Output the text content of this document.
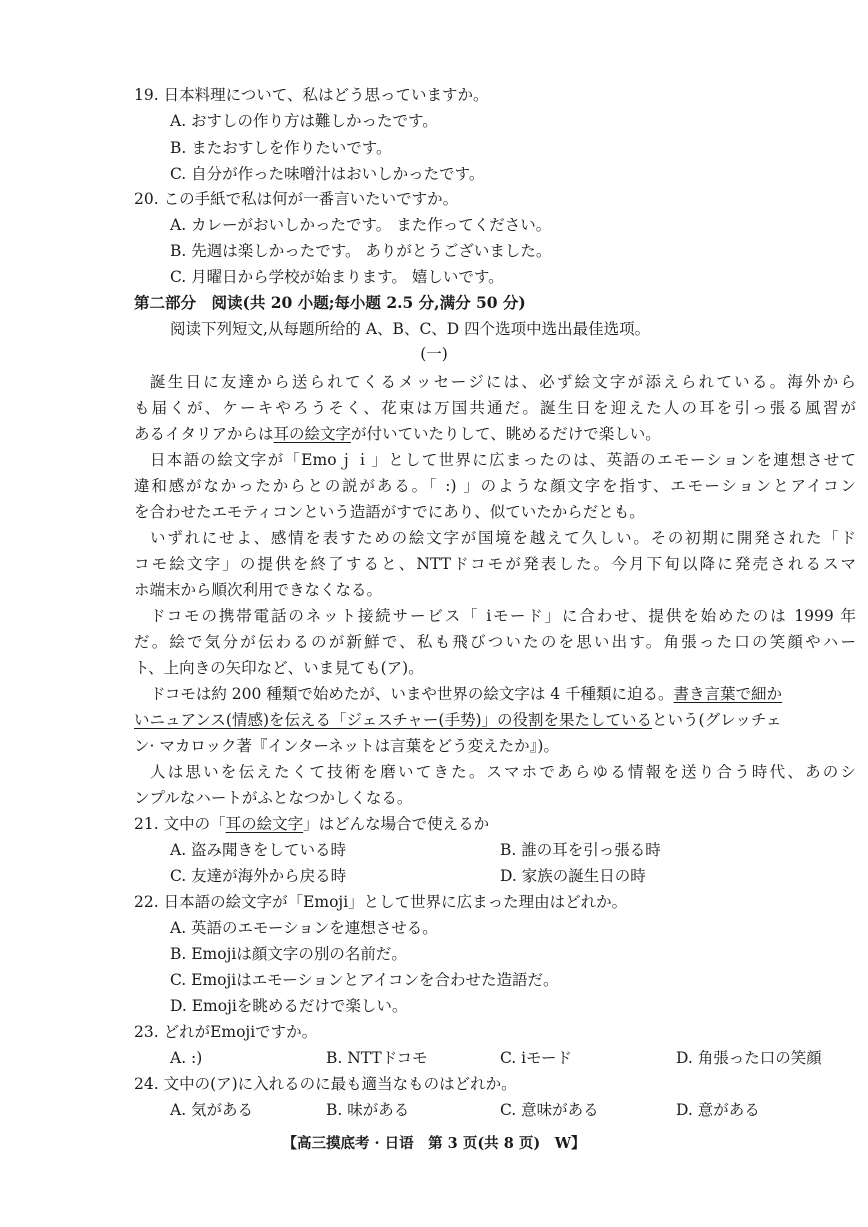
19. 日本料理について、私はどう思っていますか。
A. おすしの作り方は難しかったです。
B. またおすしを作りたいです。
C. 自分が作った味噌汁はおいしかったです。
20. この手紙で私は何が一番言いたいですか。
A. カレーがおいしかったです。 また作ってください。
B. 先週は楽しかったです。 ありがとうございました。
C. 月曜日から学校が始まります。 嬉しいです。
第二部分　阅读(共 20 小题;每小题 2.5 分,满分 50 分)
阅读下列短文,从每题所给的 A、B、C、D 四个选项中选出最佳选项。
(一)
誕生日に友達から送られてくるメッセージには、必ず絵文字が添えられている。海外から
も届くが、ケーキやろうそく、花束は万国共通だ。誕生日を迎えた人の耳を引っ張る風習が
あるイタリアからは耳の絵文字が付いていたりして、眺めるだけで楽しい。
日本語の絵文字が「Emoｊｉ」として世界に広まったのは、英語のエモーションを連想させて
違和感がなかったからとの説がある。「 :) 」のような顔文字を指す、エモーションとアイコン
を合わせたエモティコンという造語がすでにあり、似ていたからだとも。
いずれにせよ、感情を表すための絵文字が国境を越えて久しい。その初期に開発された「ド
コモ絵文字」の提供を終了すると、NTTドコモが発表した。今月下旬以降に発売されるスマ
ホ端末から順次利用できなくなる。
ドコモの携帯電話のネット接続サービス「 iモード」に合わせ、提供を始めたのは 1999 年
だ。絵で気分が伝わるのが新鮮で、私も飛びついたのを思い出す。角張った口の笑顔やハー
ト、上向きの矢印など、いま見ても(ア)。
ドコモは約 200 種類で始めたが、いまや世界の絵文字は 4 千種類に迫る。書き言葉で細か
いニュアンス(情感)を伝える「ジェスチャー(手势)」の役割を果たしているという(グレッチェ
ン· マカロック著『インターネットは言葉をどう変えたか』)。
人は思いを伝えたくて技術を磨いてきた。スマホであらゆる情報を送り合う時代、あのシ
ンプルなハートがふとなつかしくなる。
21. 文中の「耳の絵文字」はどんな場合で使えるか
A. 盗み聞きをしている時	B. 誰の耳を引っ張る時
C. 友達が海外から戻る時	D. 家族の誕生日の時
22. 日本語の絵文字が「Emoji」として世界に広まった理由はどれか。
A. 英語のエモーションを連想させる。
B. Emojiは顔文字の別の名前だ。
C. Emojiはエモーションとアイコンを合わせた造語だ。
D. Emojiを眺めるだけで楽しい。
23. どれがEmojiですか。
A. :)	B. NTTドコモ	C. iモード	D. 角張った口の笑顔
24. 文中の(ア)に入れるのに最も適当なものはどれか。
A. 気がある	B. 味がある	C. 意味がある	D. 意がある
【高三摸底考 · 日语　第 3 页(共 8 页)　W】
